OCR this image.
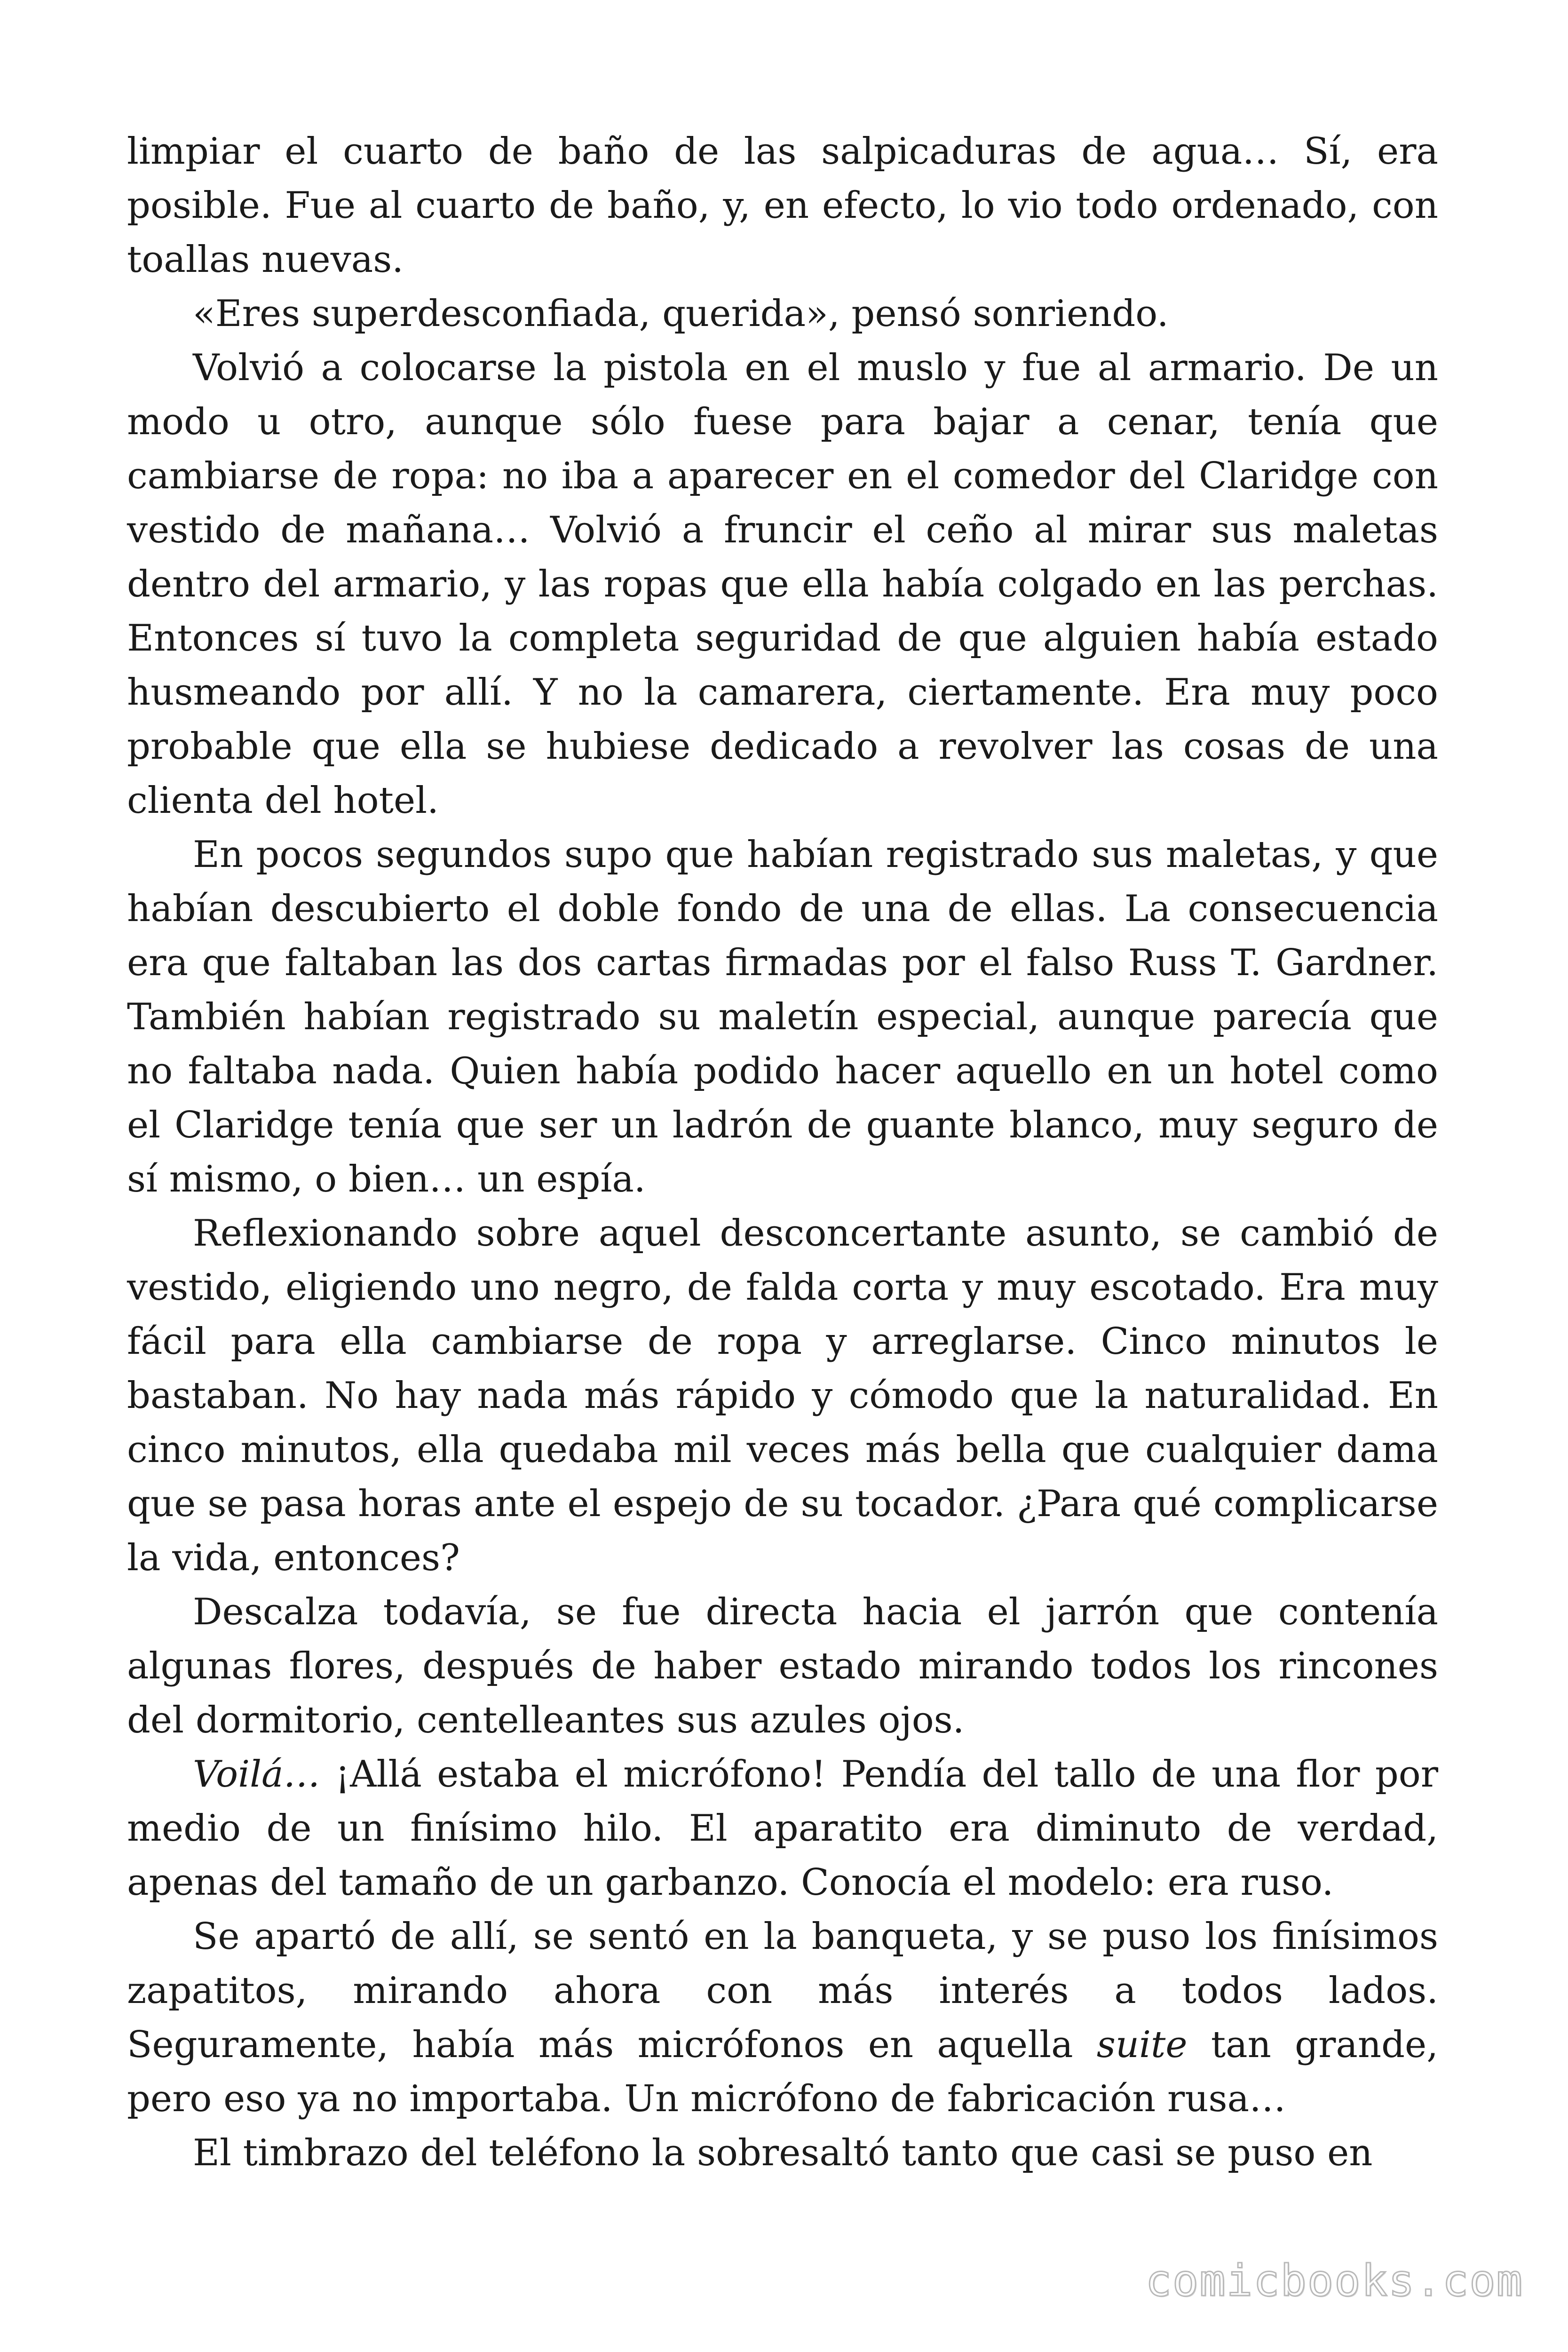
limpiar el cuarto de baño de las salpicaduras de agua… Sí, era posible. Fue al cuarto de baño, y, en efecto, lo vio todo ordenado, con toallas nuevas.

«Eres superdesconfiada, querida», pensó sonriendo.

Volvió a colocarse la pistola en el muslo y fue al armario. De un modo u otro, aunque sólo fuese para bajar a cenar, tenía que cambiarse de ropa: no iba a aparecer en el comedor del Claridge con vestido de mañana… Volvió a fruncir el ceño al mirar sus maletas dentro del armario, y las ropas que ella había colgado en las perchas. Entonces sí tuvo la completa seguridad de que alguien había estado husmeando por allí. Y no la camarera, ciertamente. Era muy poco probable que ella se hubiese dedicado a revolver las cosas de una clienta del hotel.

En pocos segundos supo que habían registrado sus maletas, y que habían descubierto el doble fondo de una de ellas. La consecuencia era que faltaban las dos cartas firmadas por el falso Russ T. Gardner. También habían registrado su maletín especial, aunque parecía que no faltaba nada. Quien había podido hacer aquello en un hotel como el Claridge tenía que ser un ladrón de guante blanco, muy seguro de sí mismo, o bien… un espía.

Reflexionando sobre aquel desconcertante asunto, se cambió de vestido, eligiendo uno negro, de falda corta y muy escotado. Era muy fácil para ella cambiarse de ropa y arreglarse. Cinco minutos le bastaban. No hay nada más rápido y cómodo que la naturalidad. En cinco minutos, ella quedaba mil veces más bella que cualquier dama que se pasa horas ante el espejo de su tocador. ¿Para qué complicarse la vida, entonces?

Descalza todavía, se fue directa hacia el jarrón que contenía algunas flores, después de haber estado mirando todos los rincones del dormitorio, centelleantes sus azules ojos.

Voilá… ¡Allá estaba el micrófono! Pendía del tallo de una flor por medio de un finísimo hilo. El aparatito era diminuto de verdad, apenas del tamaño de un garbanzo. Conocía el modelo: era ruso.

Se apartó de allí, se sentó en la banqueta, y se puso los finísimos zapatitos, mirando ahora con más interés a todos lados. Seguramente, había más micrófonos en aquella suite tan grande, pero eso ya no importaba. Un micrófono de fabricación rusa…

El timbrazo del teléfono la sobresaltó tanto que casi se puso en

comicbooks.com
